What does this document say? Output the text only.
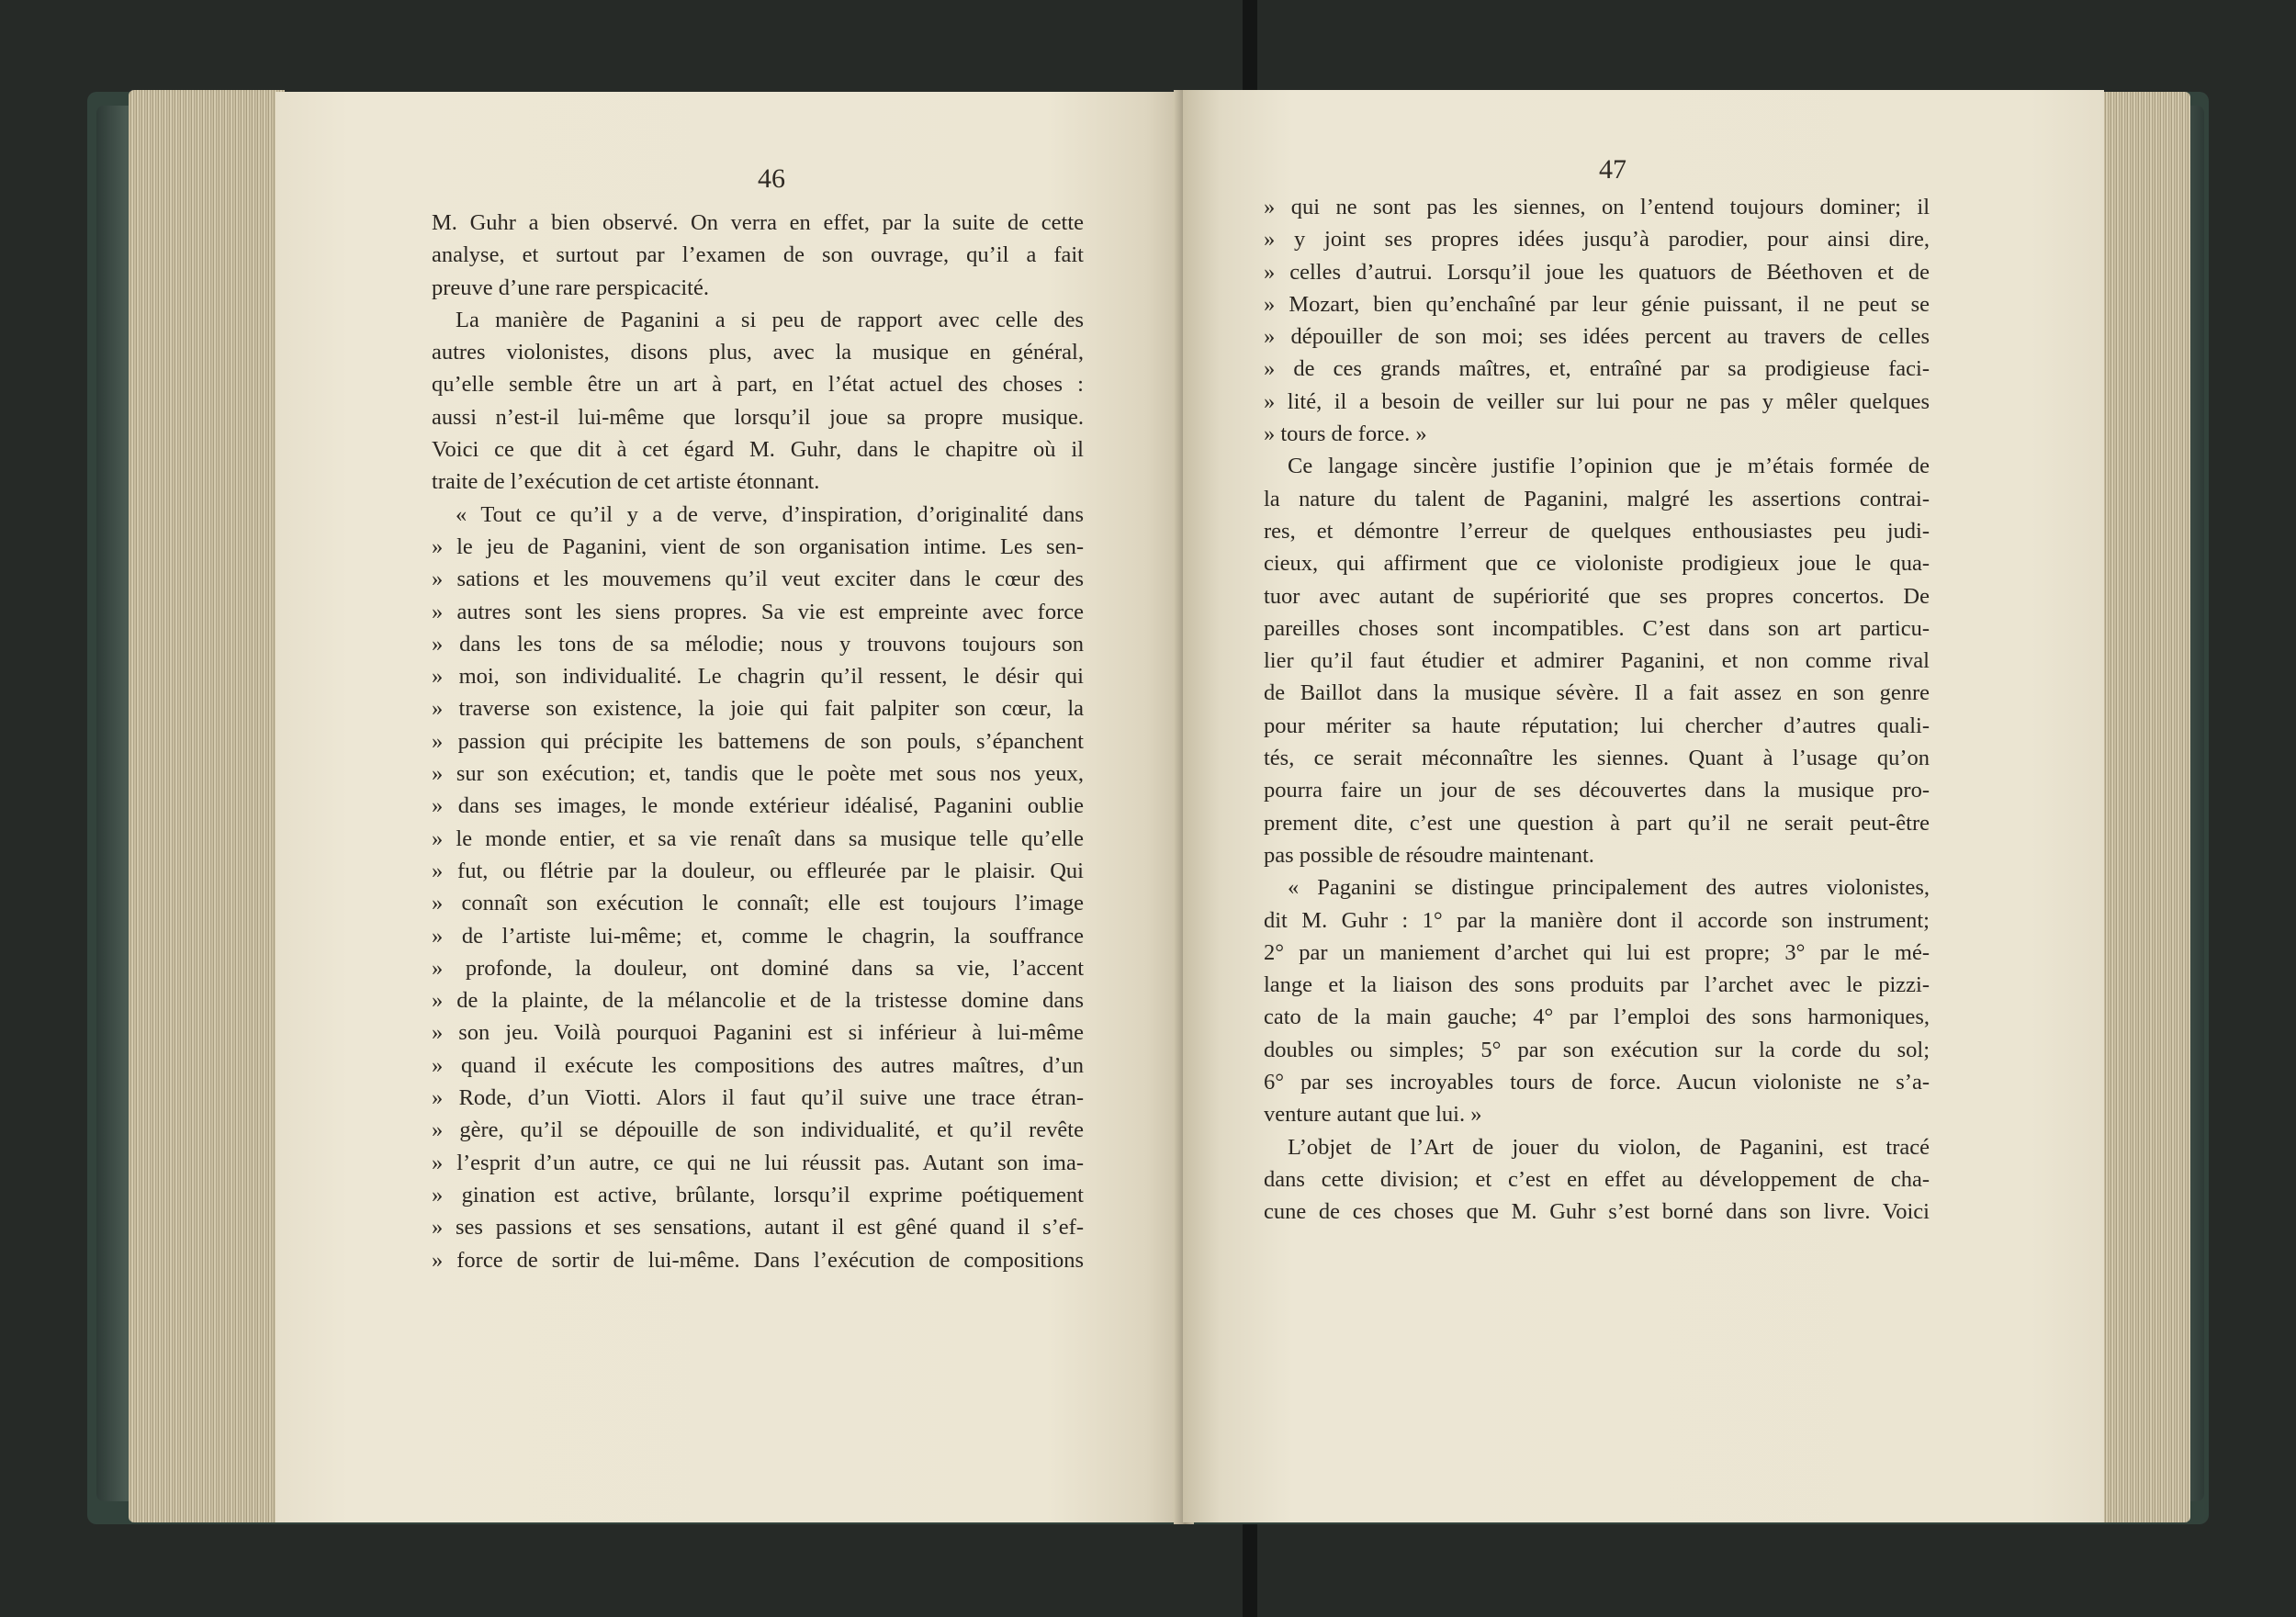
46
M. Guhr a bien observé. On verra en effet, par la suite de cette
analyse, et surtout par l’examen de son ouvrage, qu’il a fait
preuve d’une rare perspicacité.
La manière de Paganini a si peu de rapport avec celle des
autres violonistes, disons plus, avec la musique en général,
qu’elle semble être un art à part, en l’état actuel des choses :
aussi n’est-il lui-même que lorsqu’il joue sa propre musique.
Voici ce que dit à cet égard M. Guhr, dans le chapitre où il
traite de l’exécution de cet artiste étonnant.
« Tout ce qu’il y a de verve, d’inspiration, d’originalité dans
» le jeu de Paganini, vient de son organisation intime. Les sen-
» sations et les mouvemens qu’il veut exciter dans le cœur des
» autres sont les siens propres. Sa vie est empreinte avec force
» dans les tons de sa mélodie; nous y trouvons toujours son
» moi, son individualité. Le chagrin qu’il ressent, le désir qui
» traverse son existence, la joie qui fait palpiter son cœur, la
» passion qui précipite les battemens de son pouls, s’épanchent
» sur son exécution; et, tandis que le poète met sous nos yeux,
» dans ses images, le monde extérieur idéalisé, Paganini oublie
» le monde entier, et sa vie renaît dans sa musique telle qu’elle
» fut, ou flétrie par la douleur, ou effleurée par le plaisir. Qui
» connaît son exécution le connaît; elle est toujours l’image
» de l’artiste lui-même; et, comme le chagrin, la souffrance
» profonde, la douleur, ont dominé dans sa vie, l’accent
» de la plainte, de la mélancolie et de la tristesse domine dans
» son jeu. Voilà pourquoi Paganini est si inférieur à lui-même
» quand il exécute les compositions des autres maîtres, d’un
» Rode, d’un Viotti. Alors il faut qu’il suive une trace étran-
» gère, qu’il se dépouille de son individualité, et qu’il revête
» l’esprit d’un autre, ce qui ne lui réussit pas. Autant son ima-
» gination est active, brûlante, lorsqu’il exprime poétiquement
» ses passions et ses sensations, autant il est gêné quand il s’ef-
» force de sortir de lui-même. Dans l’exécution de compositions
47
» qui ne sont pas les siennes, on l’entend toujours dominer; il
» y joint ses propres idées jusqu’à parodier, pour ainsi dire,
» celles d’autrui. Lorsqu’il joue les quatuors de Béethoven et de
» Mozart, bien qu’enchaîné par leur génie puissant, il ne peut se
» dépouiller de son moi; ses idées percent au travers de celles
» de ces grands maîtres, et, entraîné par sa prodigieuse faci-
» lité, il a besoin de veiller sur lui pour ne pas y mêler quelques
» tours de force. »
Ce langage sincère justifie l’opinion que je m’étais formée de
la nature du talent de Paganini, malgré les assertions contrai-
res, et démontre l’erreur de quelques enthousiastes peu judi-
cieux, qui affirment que ce violoniste prodigieux joue le qua-
tuor avec autant de supériorité que ses propres concertos. De
pareilles choses sont incompatibles. C’est dans son art particu-
lier qu’il faut étudier et admirer Paganini, et non comme rival
de Baillot dans la musique sévère. Il a fait assez en son genre
pour mériter sa haute réputation; lui chercher d’autres quali-
tés, ce serait méconnaître les siennes. Quant à l’usage qu’on
pourra faire un jour de ses découvertes dans la musique pro-
prement dite, c’est une question à part qu’il ne serait peut-être
pas possible de résoudre maintenant.
« Paganini se distingue principalement des autres violonistes,
dit M. Guhr : 1° par la manière dont il accorde son instrument;
2° par un maniement d’archet qui lui est propre; 3° par le mé-
lange et la liaison des sons produits par l’archet avec le pizzi-
cato de la main gauche; 4° par l’emploi des sons harmoniques,
doubles ou simples; 5° par son exécution sur la corde du sol;
6° par ses incroyables tours de force. Aucun violoniste ne s’a-
venture autant que lui. »
L’objet de l’Art de jouer du violon, de Paganini, est tracé
dans cette division; et c’est en effet au développement de cha-
cune de ces choses que M. Guhr s’est borné dans son livre. Voici
